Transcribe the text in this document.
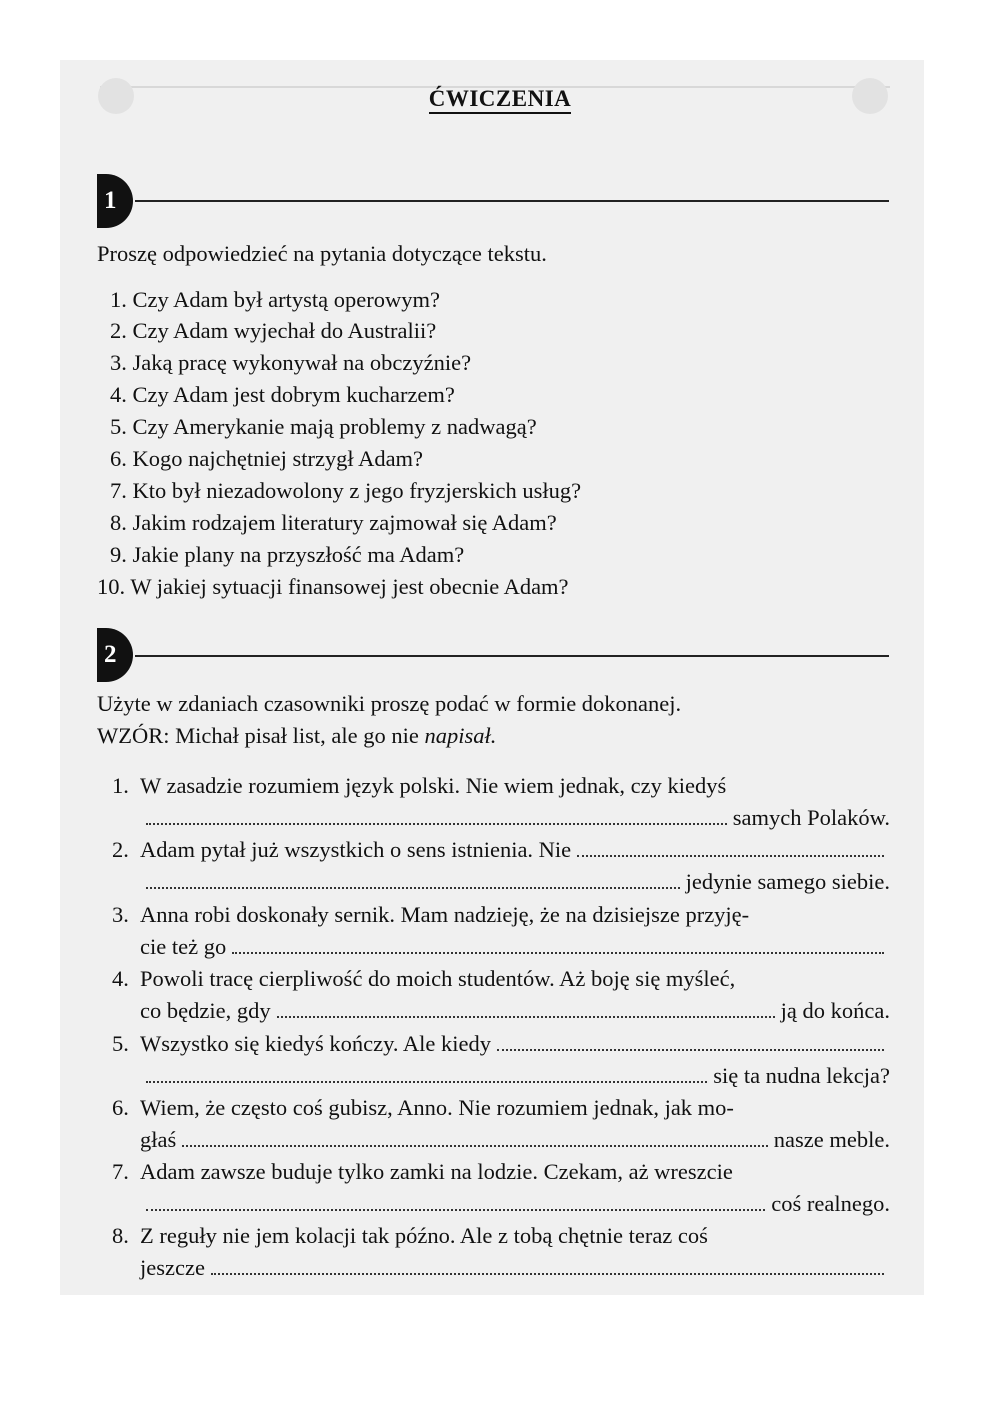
ĆWICZENIA
1
Proszę odpowiedzieć na pytania dotyczące tekstu.
1. Czy Adam był artystą operowym?
2. Czy Adam wyjechał do Australii?
3. Jaką pracę wykonywał na obczyźnie?
4. Czy Adam jest dobrym kucharzem?
5. Czy Amerykanie mają problemy z nadwagą?
6. Kogo najchętniej strzygł Adam?
7. Kto był niezadowolony z jego fryzjerskich usług?
8. Jakim rodzajem literatury zajmował się Adam?
9. Jakie plany na przyszłość ma Adam?
10. W jakiej sytuacji finansowej jest obecnie Adam?
2
Użyte w zdaniach czasowniki proszę podać w formie dokonanej.
WZÓR: Michał pisał list, ale go nie napisał.
1. W zasadzie rozumiem język polski. Nie wiem jednak, czy kiedyś
samych Polaków.
2. Adam pytał już wszystkich o sens istnienia. Nie
jedynie samego siebie.
3. Anna robi doskonały sernik. Mam nadzieję, że na dzisiejsze przyję-
cie też go
4. Powoli tracę cierpliwość do moich studentów. Aż boję się myśleć,
co będzie, gdy	ją do końca.
5. Wszystko się kiedyś kończy. Ale kiedy
się ta nudna lekcja?
6. Wiem, że często coś gubisz, Anno. Nie rozumiem jednak, jak mo-
głaś	nasze meble.
7. Adam zawsze buduje tylko zamki na lodzie. Czekam, aż wreszcie
coś realnego.
8. Z reguły nie jem kolacji tak późno. Ale z tobą chętnie teraz coś
jeszcze
